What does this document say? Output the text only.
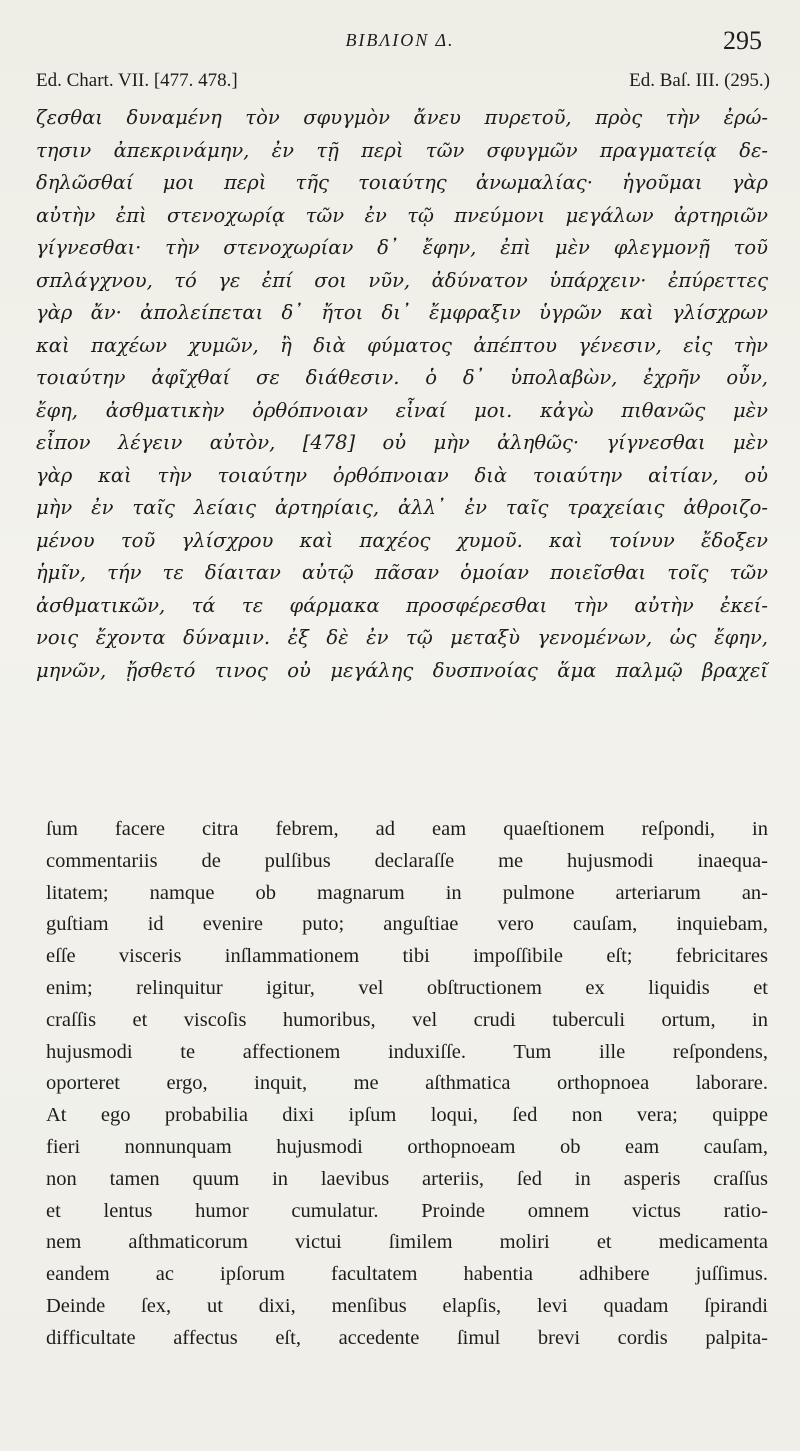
ΒΙΒΛΙΟΝ Δ.	295
Ed. Chart. VII. [477. 478.]	Ed. Baſ. III. (295.)
ζεσθαι δυναμένη τὸν σφυγμὸν ἄνευ πυρετοῦ, πρὸς τὴν ἐρώ-
τησιν ἀπεκρινάμην, ἐν τῇ περὶ τῶν σφυγμῶν πραγματείᾳ δε-
δηλῶσθαί μοι περὶ τῆς τοιαύτης ἀνωμαλίας· ἡγοῦμαι γὰρ
αὐτὴν ἐπὶ στενοχωρίᾳ τῶν ἐν τῷ πνεύμονι μεγάλων ἀρτηριῶν
γίγνεσθαι· τὴν στενοχωρίαν δ᾽ ἔφην, ἐπὶ μὲν φλεγμονῇ τοῦ
σπλάγχνου, τό γε ἐπί σοι νῦν, ἀδύνατον ὑπάρχειν· ἐπύρεττες
γὰρ ἄν· ἀπολείπεται δ᾽ ἤτοι δι᾽ ἔμφραξιν ὑγρῶν καὶ γλίσχρων
καὶ παχέων χυμῶν, ἢ διὰ φύματος ἀπέπτου γένεσιν, εἰς τὴν
τοιαύτην ἀφῖχθαί σε διάθεσιν. ὁ δ᾽ ὑπολαβὼν, ἐχρῆν οὖν,
ἔφη, ἀσθματικὴν ὀρθόπνοιαν εἶναί μοι. κἀγὼ πιθανῶς μὲν
εἶπον λέγειν αὐτὸν, [478] οὐ μὴν ἀληθῶς· γίγνεσθαι μὲν
γὰρ καὶ τὴν τοιαύτην ὀρθόπνοιαν διὰ τοιαύτην αἰτίαν, οὐ
μὴν ἐν ταῖς λείαις ἀρτηρίαις, ἀλλ᾽ ἐν ταῖς τραχείαις ἀθροιζο-
μένου τοῦ γλίσχρου καὶ παχέος χυμοῦ. καὶ τοίνυν ἔδοξεν
ἡμῖν, τήν τε δίαιταν αὐτῷ πᾶσαν ὁμοίαν ποιεῖσθαι τοῖς τῶν
ἀσθματικῶν, τά τε φάρμακα προσφέρεσθαι τὴν αὐτὴν ἐκεί-
νοις ἔχοντα δύναμιν. ἐξ δὲ ἐν τῷ μεταξὺ γενομένων, ὡς ἔφην,
μηνῶν, ᾔσθετό τινος οὐ μεγάλης δυσπνοίας ἅμα παλμῷ βραχεῖ
ſum facere citra febrem, ad eam quaeſtionem reſpondi, in
commentariis de pulſibus declaraſſe me hujusmodi inaequa-
litatem; namque ob magnarum in pulmone arteriarum an-
guſtiam id evenire puto; anguſtiae vero cauſam, inquiebam,
eſſe visceris inſlammationem tibi impoſſibile eſt; febricitares
enim; relinquitur igitur, vel obſtructionem ex liquidis et
craſſis et viscoſis humoribus, vel crudi tuberculi ortum, in
hujusmodi te affectionem induxiſſe. Tum ille reſpondens,
oporteret ergo, inquit, me aſthmatica orthopnoea laborare.
At ego probabilia dixi ipſum loqui, ſed non vera; quippe
fieri nonnunquam hujusmodi orthopnoeam ob eam cauſam,
non tamen quum in laevibus arteriis, ſed in asperis craſſus
et lentus humor cumulatur. Proinde omnem victus ratio-
nem aſthmaticorum victui ſimilem moliri et medicamenta
eandem ac ipſorum facultatem habentia adhibere juſſimus.
Deinde ſex, ut dixi, menſibus elapſis, levi quadam ſpirandi
difficultate affectus eſt, accedente ſimul brevi cordis palpita-
